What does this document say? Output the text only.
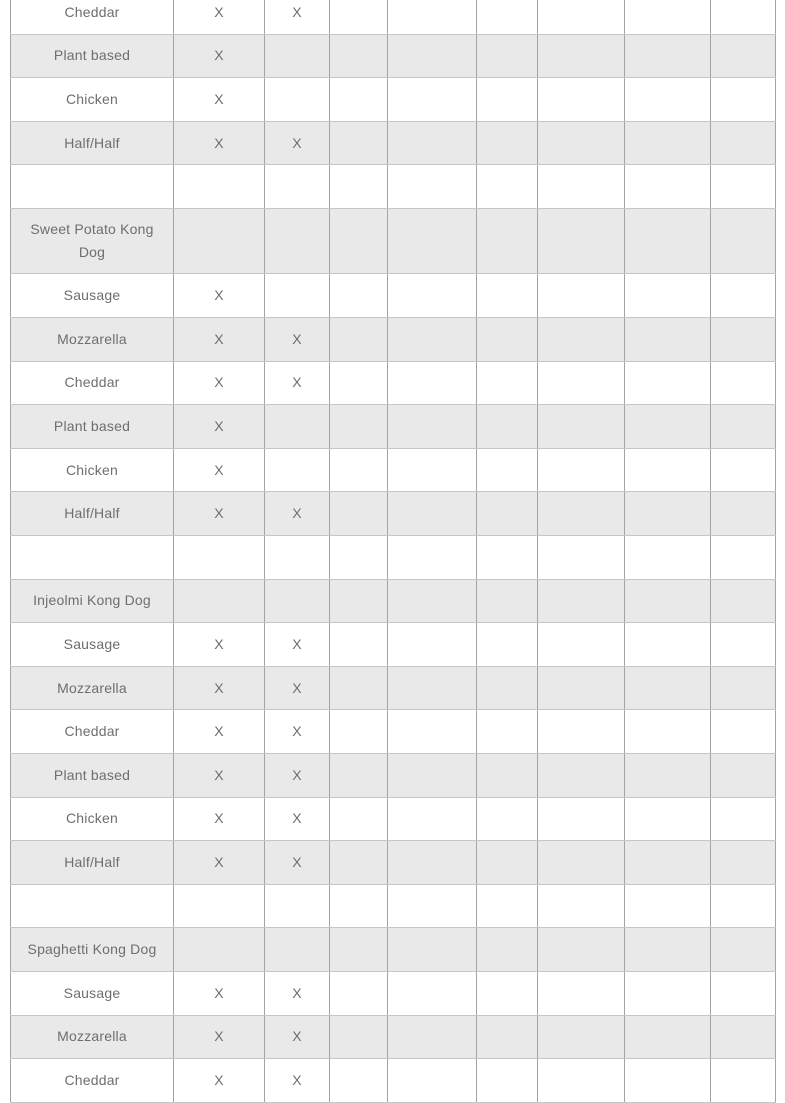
Cheddar	X	X						
Plant based	X							
Chicken	X							
Half/Half	X	X						

Sweet Potato Kong Dog								
Sausage	X							
Mozzarella	X	X						
Cheddar	X	X						
Plant based	X							
Chicken	X							
Half/Half	X	X						

Injeolmi Kong Dog								
Sausage	X	X						
Mozzarella	X	X						
Cheddar	X	X						
Plant based	X	X						
Chicken	X	X						
Half/Half	X	X						

Spaghetti Kong Dog								
Sausage	X	X						
Mozzarella	X	X						
Cheddar	X	X						
